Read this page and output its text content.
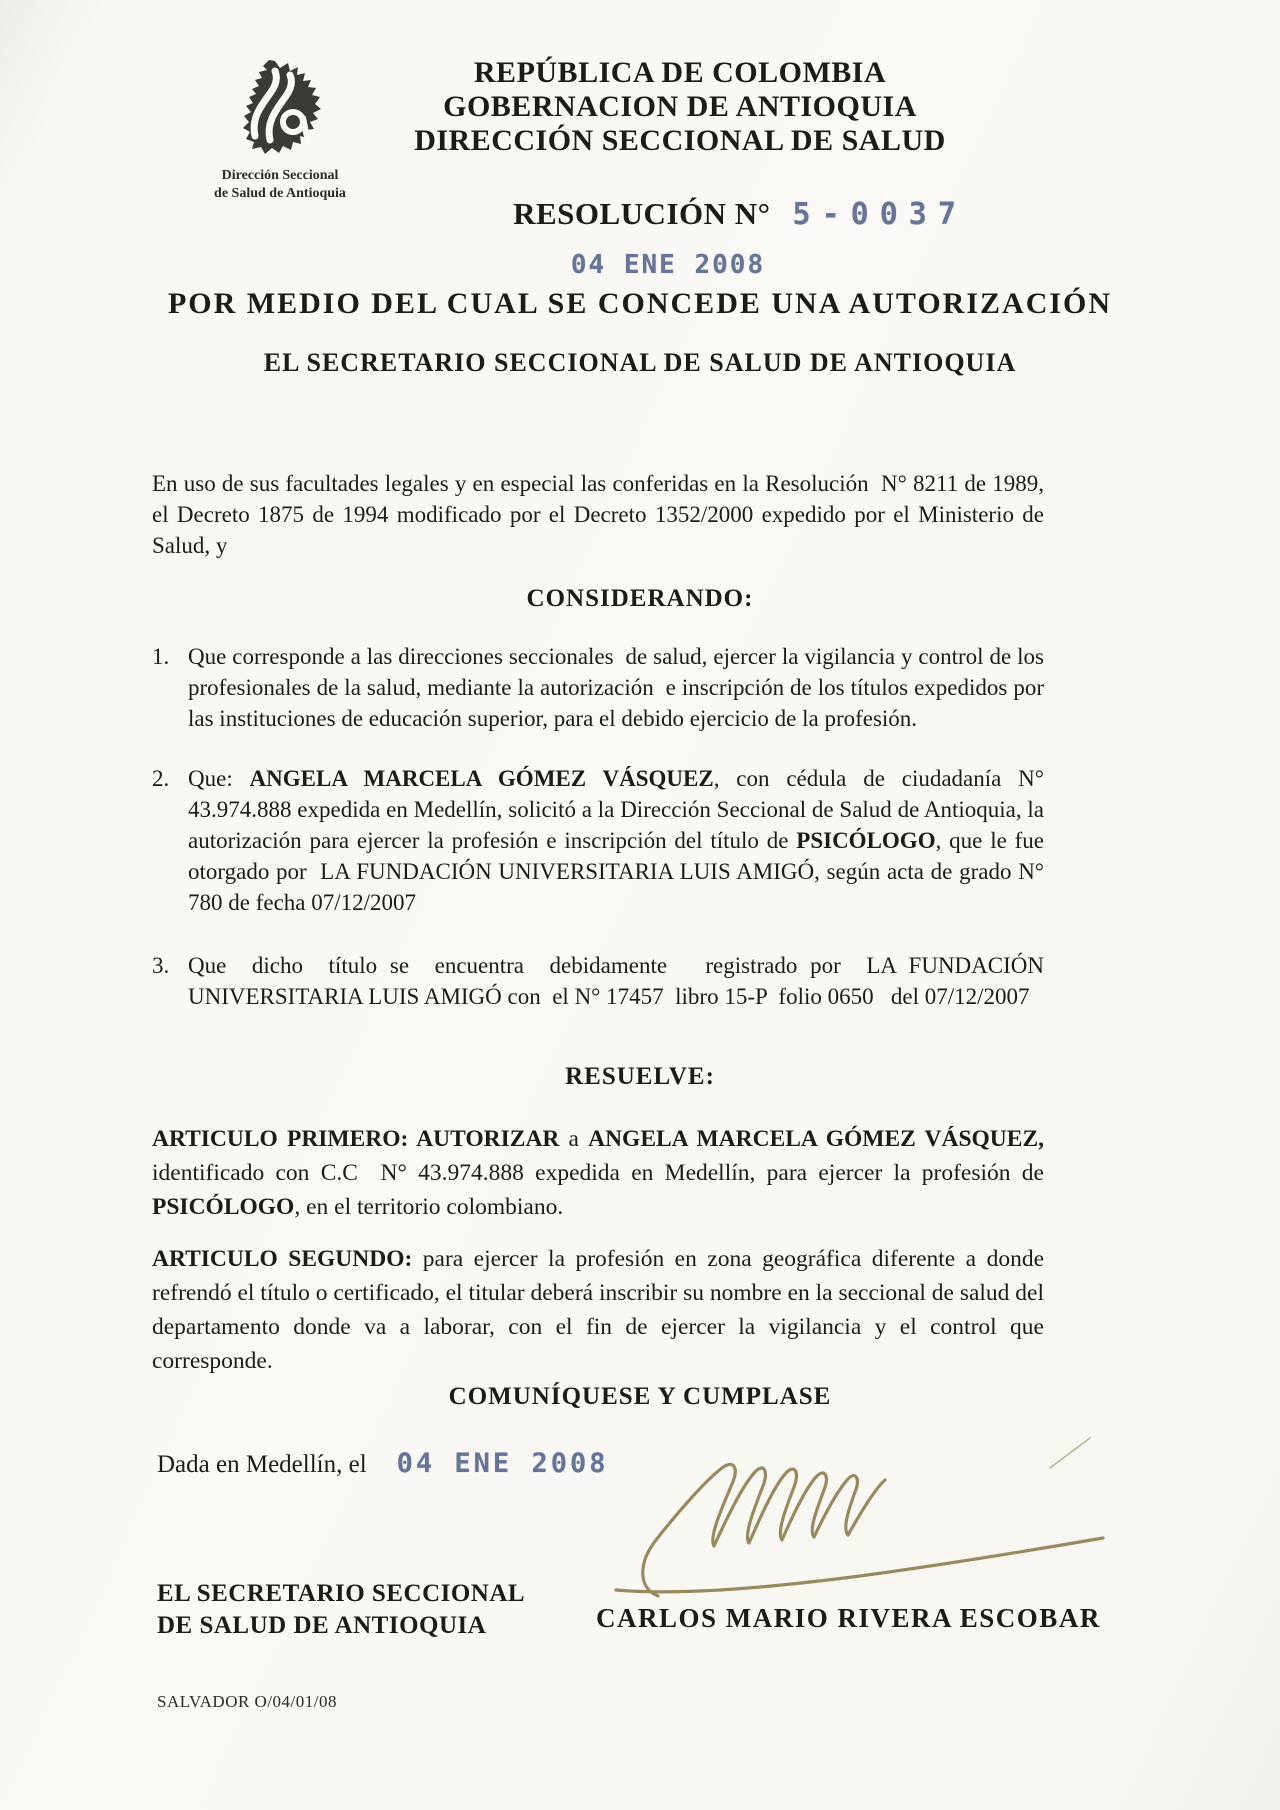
Dirección Seccional
de Salud de Antioquia
REPÚBLICA DE COLOMBIA
GOBERNACION DE ANTIOQUIA
DIRECCIÓN SECCIONAL DE SALUD
RESOLUCIÓN N° 5-0037
04 ENE 2008
POR MEDIO DEL CUAL SE CONCEDE UNA AUTORIZACIÓN
EL SECRETARIO SECCIONAL DE SALUD DE ANTIOQUIA
En uso de sus facultades legales y en especial las conferidas en la Resolución  N° 8211 de 1989, el Decreto 1875 de 1994 modificado por el Decreto 1352/2000 expedido por el Ministerio de Salud, y
CONSIDERANDO:
1. Que corresponde a las direcciones seccionales  de salud, ejercer la vigilancia y control de los profesionales de la salud, mediante la autorización  e inscripción de los títulos expedidos por las instituciones de educación superior, para el debido ejercicio de la profesión.
2. Que: ANGELA MARCELA GÓMEZ VÁSQUEZ, con cédula de ciudadanía N° 43.974.888 expedida en Medellín, solicitó a la Dirección Seccional de Salud de Antioquia, la autorización para ejercer la profesión e inscripción del título de PSICÓLOGO, que le fue otorgado por  LA FUNDACIÓN UNIVERSITARIA LUIS AMIGÓ, según acta de grado N° 780 de fecha 07/12/2007
3. Que  dicho  título se  encuentra  debidamente   registrado por  LA FUNDACIÓN UNIVERSITARIA LUIS AMIGÓ con  el N° 17457  libro 15-P  folio 0650   del 07/12/2007
RESUELVE:
ARTICULO PRIMERO: AUTORIZAR a ANGELA MARCELA GÓMEZ VÁSQUEZ, identificado con C.C  N° 43.974.888 expedida en Medellín, para ejercer la profesión de PSICÓLOGO, en el territorio colombiano.
ARTICULO SEGUNDO: para ejercer la profesión en zona geográfica diferente a donde refrendó el título o certificado, el titular deberá inscribir su nombre en la seccional de salud del departamento donde va a laborar, con el fin de ejercer la vigilancia y el control que corresponde.
COMUNÍQUESE Y CUMPLASE
Dada en Medellín, el 04 ENE 2008
EL SECRETARIO SECCIONAL
DE SALUD DE ANTIOQUIA	CARLOS MARIO RIVERA ESCOBAR
SALVADOR O/04/01/08
